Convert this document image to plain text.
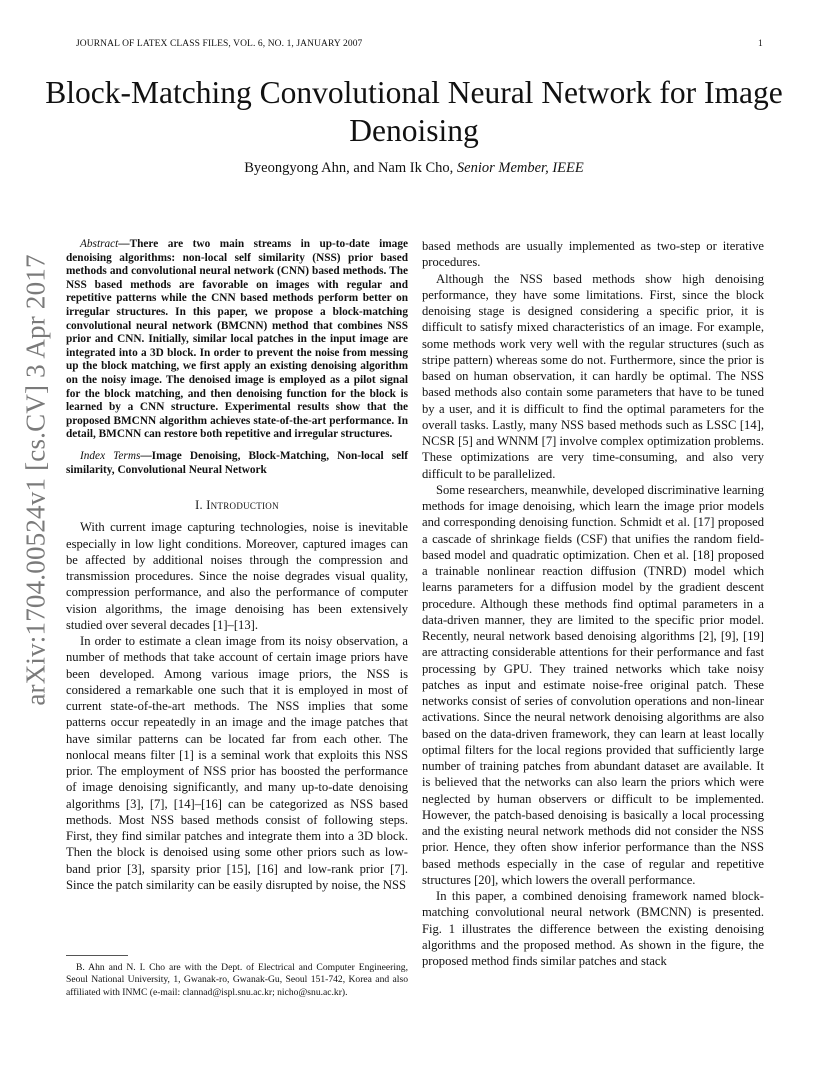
JOURNAL OF LATEX CLASS FILES, VOL. 6, NO. 1, JANUARY 2007	1
Block-Matching Convolutional Neural Network for Image Denoising
Byeongyong Ahn, and Nam Ik Cho, Senior Member, IEEE
arXiv:1704.00524v1 [cs.CV] 3 Apr 2017

Abstract—There are two main streams in up-to-date image denoising algorithms: non-local self similarity (NSS) prior based methods and convolutional neural network (CNN) based methods. The NSS based methods are favorable on images with regular and repetitive patterns while the CNN based methods perform better on irregular structures. In this paper, we propose a block-matching convolutional neural network (BMCNN) method that combines NSS prior and CNN. Initially, similar local patches in the input image are integrated into a 3D block. In order to prevent the noise from messing up the block matching, we first apply an existing denoising algorithm on the noisy image. The denoised image is employed as a pilot signal for the block matching, and then denoising function for the block is learned by a CNN structure. Experimental results show that the proposed BMCNN algorithm achieves state-of-the-art performance. In detail, BMCNN can restore both repetitive and irregular structures.

Index Terms—Image Denoising, Block-Matching, Non-local self similarity, Convolutional Neural Network

I. Introduction

With current image capturing technologies, noise is inevitable especially in low light conditions. Moreover, captured images can be affected by additional noises through the compression and transmission procedures. Since the noise degrades visual quality, compression performance, and also the performance of computer vision algorithms, the image denoising has been extensively studied over several decades [1]–[13].

In order to estimate a clean image from its noisy observation, a number of methods that take account of certain image priors have been developed. Among various image priors, the NSS is considered a remarkable one such that it is employed in most of current state-of-the-art methods. The NSS implies that some patterns occur repeatedly in an image and the image patches that have similar patterns can be located far from each other. The nonlocal means filter [1] is a seminal work that exploits this NSS prior. The employment of NSS prior has boosted the performance of image denoising significantly, and many up-to-date denoising algorithms [3], [7], [14]–[16] can be categorized as NSS based methods. Most NSS based methods consist of following steps. First, they find similar patches and integrate them into a 3D block. Then the block is denoised using some other priors such as low-band prior [3], sparsity prior [15], [16] and low-rank prior [7]. Since the patch similarity can be easily disrupted by noise, the NSS

B. Ahn and N. I. Cho are with the Dept. of Electrical and Computer Engineering, Seoul National University, 1, Gwanak-ro, Gwanak-Gu, Seoul 151-742, Korea and also affiliated with INMC (e-mail: clannad@ispl.snu.ac.kr; nicho@snu.ac.kr).

based methods are usually implemented as two-step or iterative procedures.

Although the NSS based methods show high denoising performance, they have some limitations. First, since the block denoising stage is designed considering a specific prior, it is difficult to satisfy mixed characteristics of an image. For example, some methods work very well with the regular structures (such as stripe pattern) whereas some do not. Furthermore, since the prior is based on human observation, it can hardly be optimal. The NSS based methods also contain some parameters that have to be tuned by a user, and it is difficult to find the optimal parameters for the overall tasks. Lastly, many NSS based methods such as LSSC [14], NCSR [5] and WNNM [7] involve complex optimization problems. These optimizations are very time-consuming, and also very difficult to be parallelized.

Some researchers, meanwhile, developed discriminative learning methods for image denoising, which learn the image prior models and corresponding denoising function. Schmidt et al. [17] proposed a cascade of shrinkage fields (CSF) that unifies the random field-based model and quadratic optimization. Chen et al. [18] proposed a trainable nonlinear reaction diffusion (TNRD) model which learns parameters for a diffusion model by the gradient descent procedure. Although these methods find optimal parameters in a data-driven manner, they are limited to the specific prior model. Recently, neural network based denoising algorithms [2], [9], [19] are attracting considerable attentions for their performance and fast processing by GPU. They trained networks which take noisy patches as input and estimate noise-free original patch. These networks consist of series of convolution operations and non-linear activations. Since the neural network denoising algorithms are also based on the data-driven framework, they can learn at least locally optimal filters for the local regions provided that sufficiently large number of training patches from abundant dataset are available. It is believed that the networks can also learn the priors which were neglected by human observers or difficult to be implemented. However, the patch-based denoising is basically a local processing and the existing neural network methods did not consider the NSS prior. Hence, they often show inferior performance than the NSS based methods especially in the case of regular and repetitive structures [20], which lowers the overall performance.

In this paper, a combined denoising framework named block-matching convolutional neural network (BMCNN) is presented. Fig. 1 illustrates the difference between the existing denoising algorithms and the proposed method. As shown in the figure, the proposed method finds similar patches and stack
